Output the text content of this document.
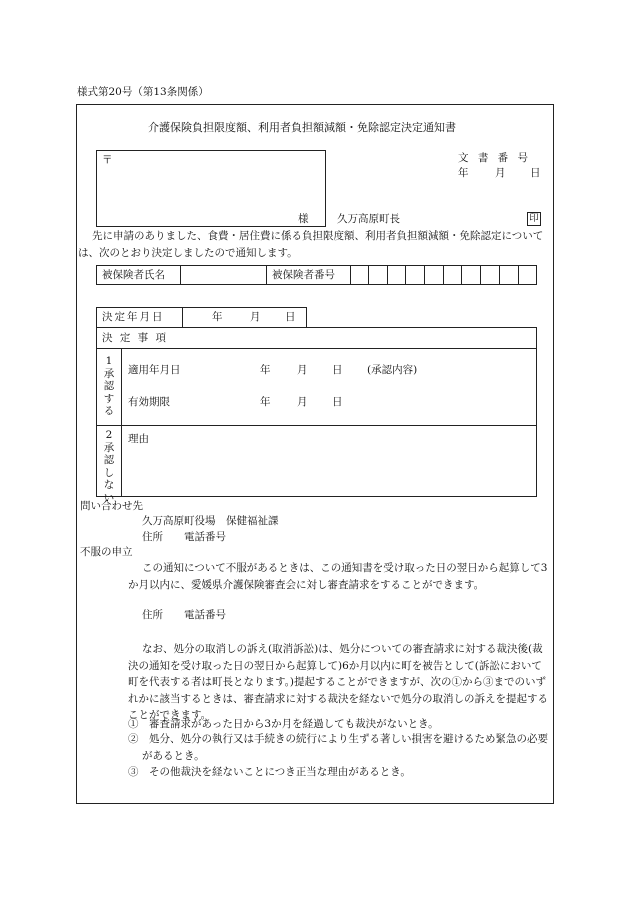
様式第20号（第13条関係）
介護保険負担限度額、利用者負担額減額・免除認定決定通知書
〒
様
文 書 番 号
年	月 日
久万高原町長	印
先に申請のありました、食費・居住費に係る負担限度額、利用者負担額減額・免除認定については、次のとおり決定しましたので通知します。
被保険者氏名	被保険者番号
決定年月日	年	月 日
決 定 事 項
1
承
認
す
る
適用年月日	年	月 日 (承認内容)
有効期限	年	月 日
2
承
認
し
な
い
理由
問い合わせ先
久万高原町役場　保健福祉課
住所　　電話番号
不服の申立
この通知について不服があるときは、この通知書を受け取った日の翌日から起算して3か月以内に、愛媛県介護保険審査会に対し審査請求をすることができます。
住所　　電話番号
なお、処分の取消しの訴え(取消訴訟)は、処分についての審査請求に対する裁決後(裁決の通知を受け取った日の翌日から起算して)6か月以内に町を被告として(訴訟において町を代表する者は町長となります。)提起することができますが、次の①から③までのいずれかに該当するときは、審査請求に対する裁決を経ないで処分の取消しの訴えを提起することができます。
①　審査請求があった日から3か月を経過しても裁決がないとき。
②　処分、処分の執行又は手続きの続行により生ずる著しい損害を避けるため緊急の必要があるとき。
③　その他裁決を経ないことにつき正当な理由があるとき。
